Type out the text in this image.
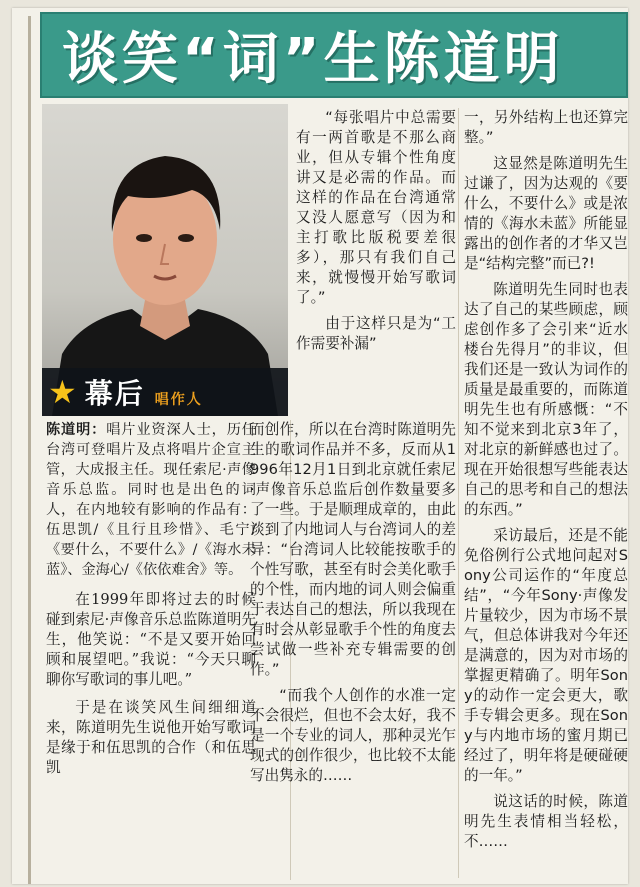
谈笑“词”生陈道明
★ 幕后 唱作人

陈道明：唱片业资深人士，历任台湾可登唱片及点将唱片企宣主管，大成报主任。现任索尼·声像音乐总监。同时也是出色的词人，在内地较有影响的作品有：伍思凯/《且行且珍惜》、毛宁/《要什么，不要什么》/《海水未蓝》、金海心/《依依难舍》等。

在1999年即将过去的时候碰到索尼·声像音乐总监陈道明先生，他笑说：“不是又要开始回顾和展望吧。”我说：“今天只聊聊你写歌词的事儿吧。”

于是在谈笑风生间细细道来，陈道明先生说他开始写歌词是缘于和伍思凯的合作（和伍思凯

“每张唱片中总需要有一两首歌是不那么商业，但从专辑个性角度讲又是必需的作品。而这样的作品在台湾通常又没人愿意写（因为和主打歌比版税要差很多），那只有我们自己来，就慢慢开始写歌词了。”

由于这样只是为“工作需要补漏”

而创作，所以在台湾时陈道明先生的歌词作品并不多，反而从1996年12月1日到北京就任索尼·声像音乐总监后创作数量要多了一些。于是顺理成章的，由此谈到了内地词人与台湾词人的差异：“台湾词人比较能按歌手的个性写歌，甚至有时会美化歌手的个性，而内地的词人则会偏重于表达自己的想法，所以我现在有时会从彰显歌手个性的角度去尝试做一些补充专辑需要的创作。”

“而我个人创作的水准一定不会很烂，但也不会太好，我不是一个专业的词人，那种灵光乍现式的创作很少，也比较不太能写出隽永的……

一，另外结构上也还算完整。”

这显然是陈道明先生过谦了，因为达观的《要什么，不要什么》或是浓情的《海水未蓝》所能显露出的创作者的才华又岂是“结构完整”而已?!

陈道明先生同时也表达了自己的某些顾虑，顾虑创作多了会引来“近水楼台先得月”的非议，但我们还是一致认为词作的质量是最重要的，而陈道明先生也有所感慨：“不知不觉来到北京3年了，对北京的新鲜感也过了。现在开始很想写些能表达自己的思考和自己的想法的东西。”

采访最后，还是不能免俗例行公式地问起对Sony公司运作的“年度总结”，“今年Sony·声像发片量较少，因为市场不景气，但总体讲我对今年还是满意的，因为对市场的掌握更精确了。明年Sony的动作一定会更大，歌手专辑会更多。现在Sony与内地市场的蜜月期已经过了，明年将是硬碰硬的一年。”

说这话的时候，陈道明先生表情相当轻松，不……
